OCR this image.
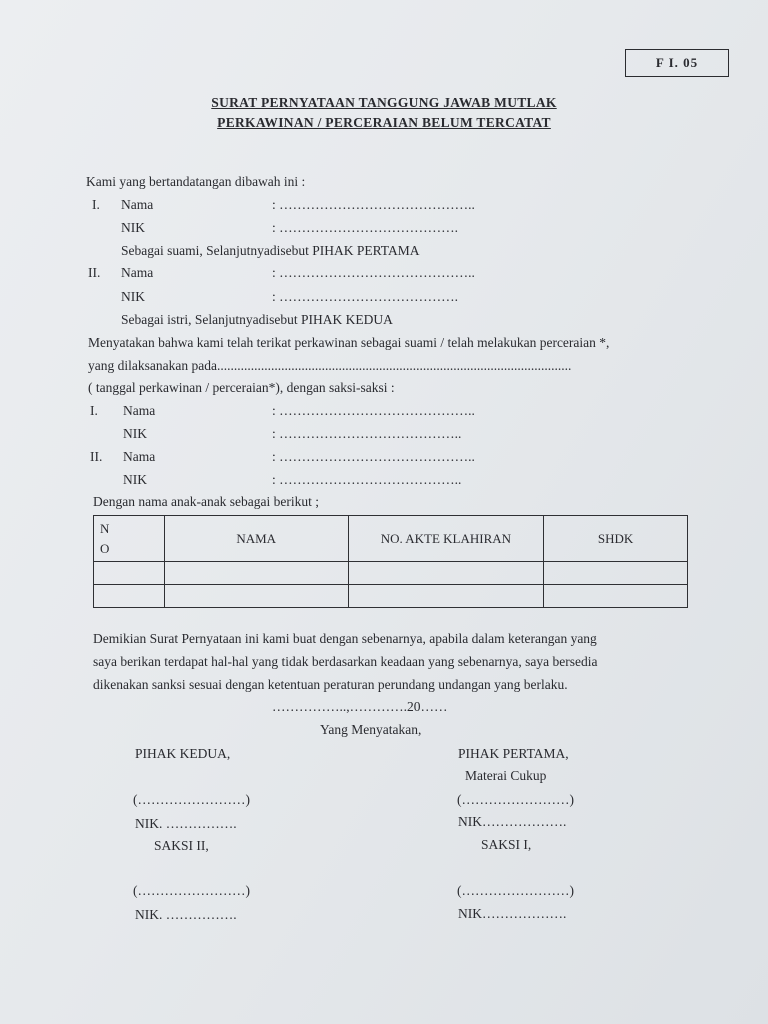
F I. 05
SURAT PERNYATAAN TANGGUNG JAWAB MUTLAK
PERKAWINAN / PERCERAIAN BELUM TERCATAT
Kami yang bertandatangan dibawah ini :
I. Nama	: ……………………………………..
NIK	: ………………………………….
Sebagai suami, Selanjutnyadisebut PIHAK PERTAMA
II. Nama	: ……………………………………..
NIK	: ………………………………….
Sebagai istri, Selanjutnyadisebut PIHAK KEDUA
Menyatakan bahwa kami telah terikat perkawinan sebagai suami / telah melakukan perceraian *,
yang dilaksanakan pada.........................................................................................................
( tanggal perkawinan / perceraian*), dengan saksi-saksi :
I. Nama	: ……………………………………..
NIK	: …………………………………..
II. Nama	: ……………………………………..
NIK	: …………………………………..
Dengan nama anak-anak sebagai berikut ;
N
O	NAMA	NO. AKTE KLAHIRAN	SHDK

Demikian Surat Pernyataan ini kami buat dengan sebenarnya, apabila dalam keterangan yang
saya berikan terdapat hal-hal yang tidak berdasarkan keadaan yang sebenarnya, saya bersedia
dikenakan sanksi sesuai dengan ketentuan peraturan perundang undangan yang berlaku.
……………..,………….20……
Yang Menyatakan,
PIHAK KEDUA,
(……………………)
NIK. …………….
SAKSI II,
(……………………)
NIK. …………….
PIHAK PERTAMA,
Materai Cukup
(……………………)
NIK……………….
SAKSI I,
(……………………)
NIK……………….
